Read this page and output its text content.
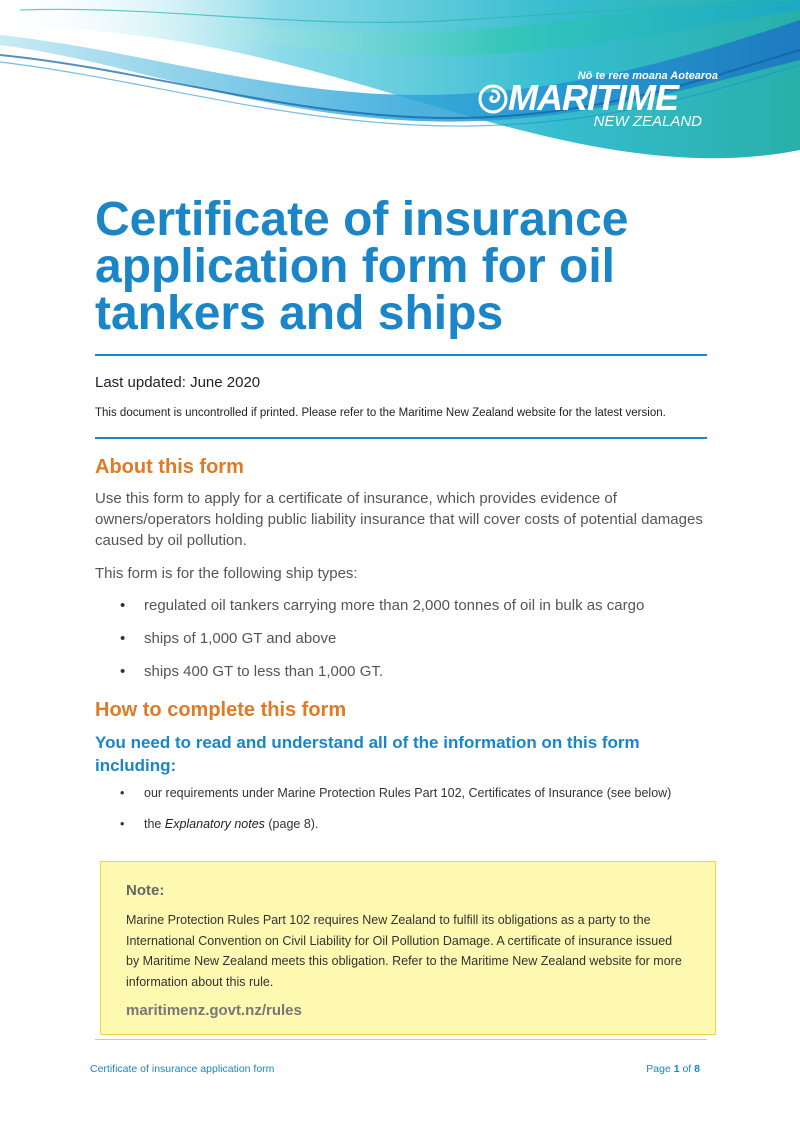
Nō te rere moana Aotearoa
MARITIME
NEW ZEALAND
Certificate of insurance
application form for oil
tankers and ships
Last updated: June 2020
This document is uncontrolled if printed. Please refer to the Maritime New Zealand website for the latest version.
About this form

Use this form to apply for a certificate of insurance, which provides evidence of owners/operators holding public liability insurance that will cover costs of potential damages caused by oil pollution.

This form is for the following ship types:

• regulated oil tankers carrying more than 2,000 tonnes of oil in bulk as cargo
• ships of 1,000 GT and above
• ships 400 GT to less than 1,000 GT.
How to complete this form
You need to read and understand all of the information on this form including:
• our requirements under Marine Protection Rules Part 102, Certificates of Insurance (see below)
• the Explanatory notes (page 8).
Note:

Marine Protection Rules Part 102 requires New Zealand to fulfill its obligations as a party to the International Convention on Civil Liability for Oil Pollution Damage. A certificate of insurance issued by Maritime New Zealand meets this obligation. Refer to the Maritime New Zealand website for more information about this rule.

maritimenz.govt.nz/rules
Certificate of insurance application form	Page 1 of 8
